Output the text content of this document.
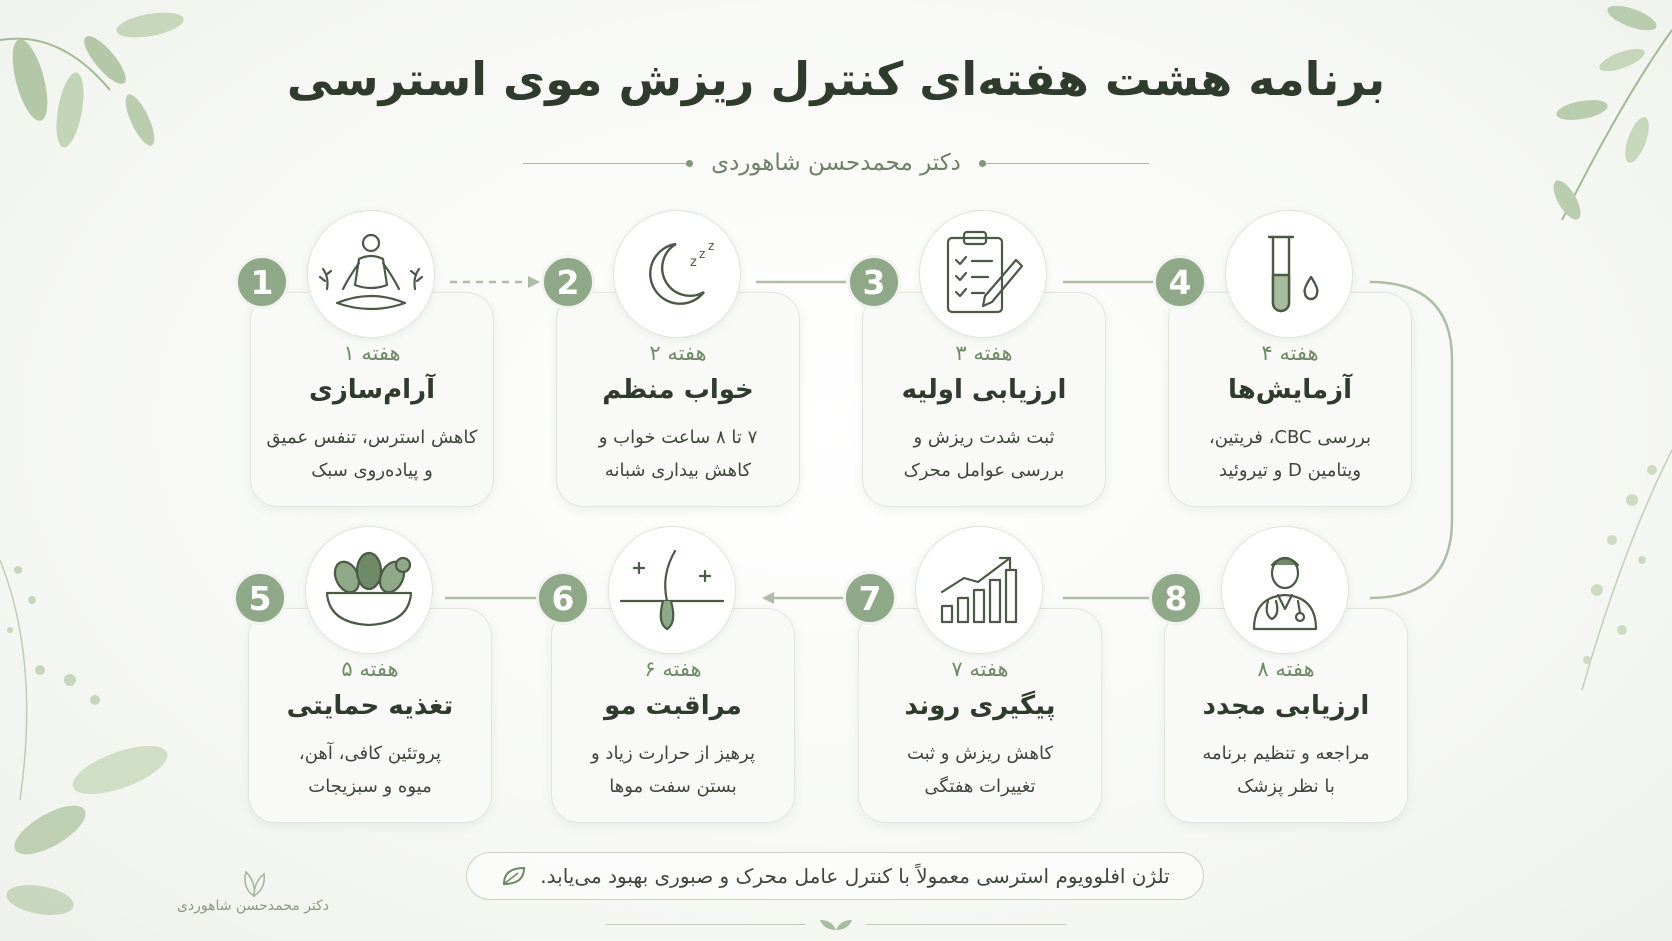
برنامه هشت هفته‌ای کنترل ریزش موی استرسی
دکتر محمدحسن شاهوردی
هفته ۱
آرام‌سازی
کاهش استرس، تنفس عمیق
و پیاده‌روی سبک
1
هفته ۲
خواب منظم
۷ تا ۸ ساعت خواب و
کاهش بیداری شبانه
z
z
z
2
هفته ۳
ارزیابی اولیه
ثبت شدت ریزش و
بررسی عوامل محرک
3
هفته ۴
آزمایش‌ها
بررسی CBC، فریتین،
ویتامین D و تیروئید
4
هفته ۵
تغذیه حمایتی
پروتئین کافی، آهن،
میوه و سبزیجات
5
هفته ۶
مراقبت مو
پرهیز از حرارت زیاد و
بستن سفت موها
6
هفته ۷
پیگیری روند
کاهش ریزش و ثبت
تغییرات هفتگی
7
هفته ۸
ارزیابی مجدد
مراجعه و تنظیم برنامه
با نظر پزشک
8
تلژن افلوویوم استرسی معمولاً با کنترل عامل محرک و صبوری بهبود می‌یابد.
دکتر محمدحسن شاهوردی
